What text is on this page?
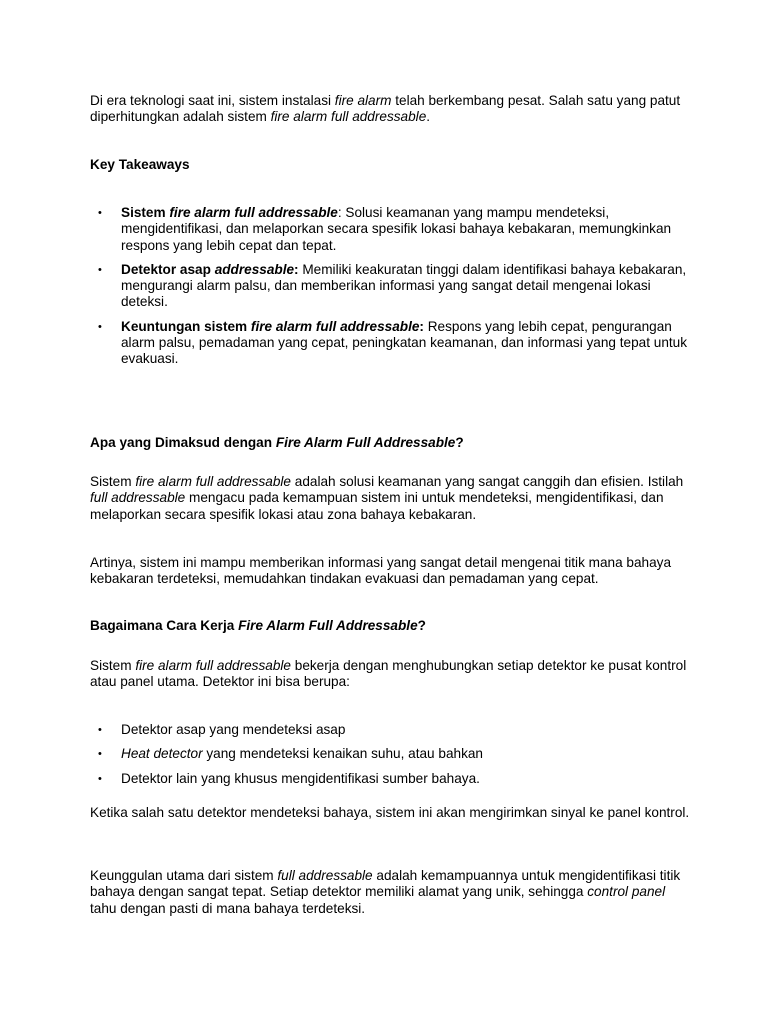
Di era teknologi saat ini, sistem instalasi fire alarm telah berkembang pesat. Salah satu yang patut diperhitungkan adalah sistem fire alarm full addressable.

Key Takeaways

• Sistem fire alarm full addressable: Solusi keamanan yang mampu mendeteksi, mengidentifikasi, dan melaporkan secara spesifik lokasi bahaya kebakaran, memungkinkan respons yang lebih cepat dan tepat.
• Detektor asap addressable: Memiliki keakuratan tinggi dalam identifikasi bahaya kebakaran, mengurangi alarm palsu, dan memberikan informasi yang sangat detail mengenai lokasi deteksi.
• Keuntungan sistem fire alarm full addressable: Respons yang lebih cepat, pengurangan alarm palsu, pemadaman yang cepat, peningkatan keamanan, dan informasi yang tepat untuk evakuasi.

Apa yang Dimaksud dengan Fire Alarm Full Addressable?

Sistem fire alarm full addressable adalah solusi keamanan yang sangat canggih dan efisien. Istilah full addressable mengacu pada kemampuan sistem ini untuk mendeteksi, mengidentifikasi, dan melaporkan secara spesifik lokasi atau zona bahaya kebakaran.

Artinya, sistem ini mampu memberikan informasi yang sangat detail mengenai titik mana bahaya kebakaran terdeteksi, memudahkan tindakan evakuasi dan pemadaman yang cepat.

Bagaimana Cara Kerja Fire Alarm Full Addressable?

Sistem fire alarm full addressable bekerja dengan menghubungkan setiap detektor ke pusat kontrol atau panel utama. Detektor ini bisa berupa:

• Detektor asap yang mendeteksi asap
• Heat detector yang mendeteksi kenaikan suhu, atau bahkan
• Detektor lain yang khusus mengidentifikasi sumber bahaya.

Ketika salah satu detektor mendeteksi bahaya, sistem ini akan mengirimkan sinyal ke panel kontrol.

Keunggulan utama dari sistem full addressable adalah kemampuannya untuk mengidentifikasi titik bahaya dengan sangat tepat. Setiap detektor memiliki alamat yang unik, sehingga control panel tahu dengan pasti di mana bahaya terdeteksi.
